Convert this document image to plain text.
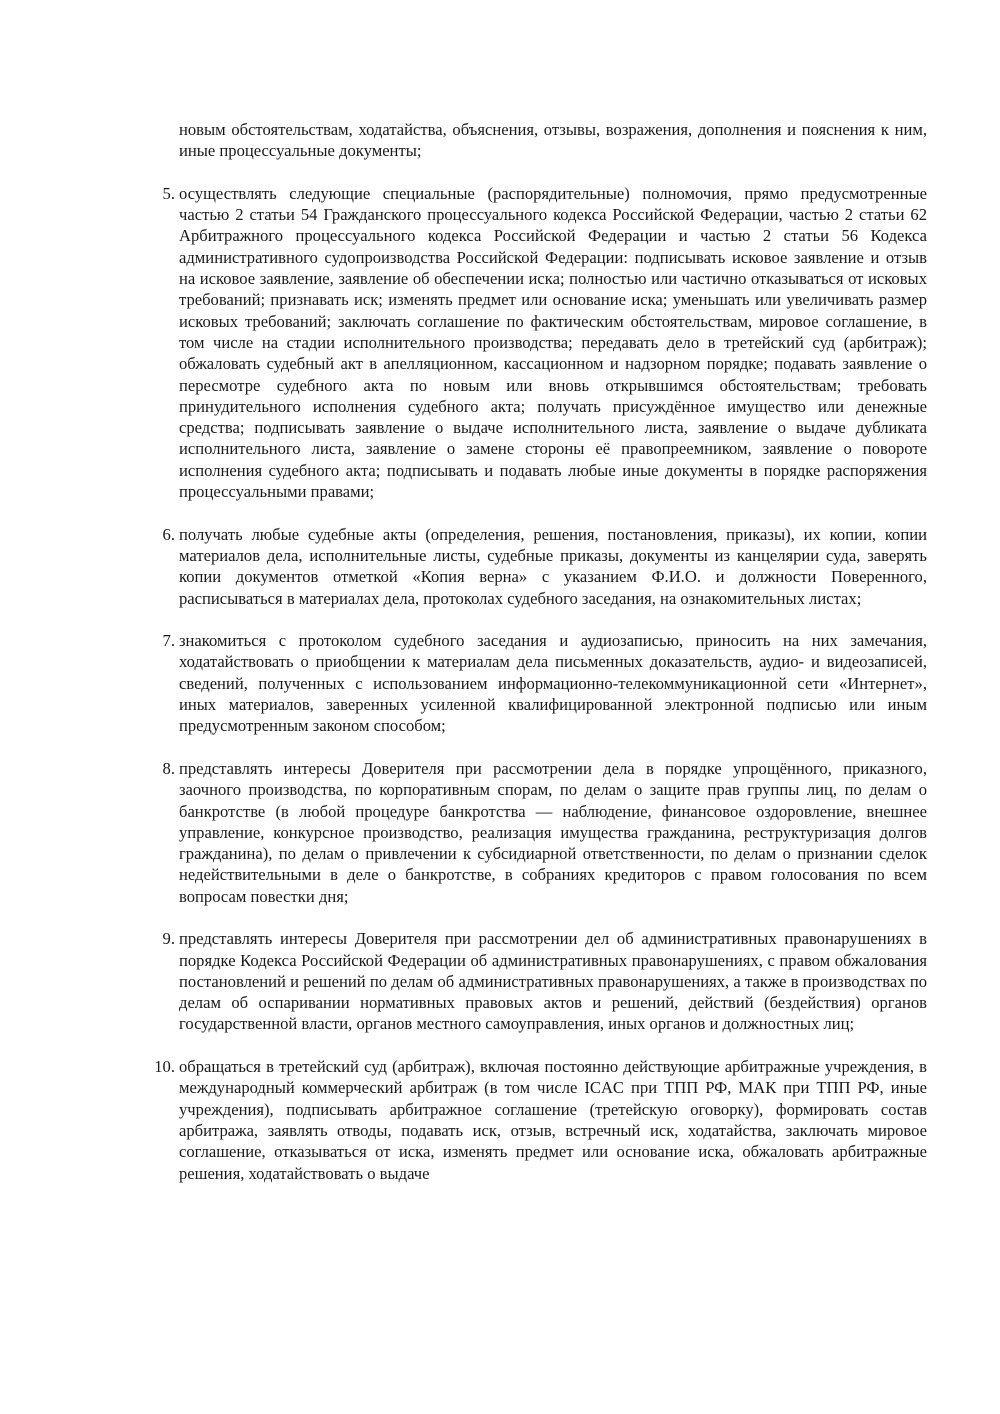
новым обстоятельствам, ходатайства, объяснения, отзывы, возражения, дополнения и пояснения к ним, иные процессуальные документы;

5. осуществлять следующие специальные (распорядительные) полномочия, прямо предусмотренные частью 2 статьи 54 Гражданского процессуального кодекса Российской Федерации, частью 2 статьи 62 Арбитражного процессуального кодекса Российской Федерации и частью 2 статьи 56 Кодекса административного судопроизводства Российской Федерации: подписывать исковое заявление и отзыв на исковое заявление, заявление об обеспечении иска; полностью или частично отказываться от исковых требований; признавать иск; изменять предмет или основание иска; уменьшать или увеличивать размер исковых требований; заключать соглашение по фактическим обстоятельствам, мировое соглашение, в том числе на стадии исполнительного производства; передавать дело в третейский суд (арбитраж); обжаловать судебный акт в апелляционном, кассационном и надзорном порядке; подавать заявление о пересмотре судебного акта по новым или вновь открывшимся обстоятельствам; требовать принудительного исполнения судебного акта; получать присуждённое имущество или денежные средства; подписывать заявление о выдаче исполнительного листа, заявление о выдаче дубликата исполнительного листа, заявление о замене стороны её правопреемником, заявление о повороте исполнения судебного акта; подписывать и подавать любые иные документы в порядке распоряжения процессуальными правами;
6. получать любые судебные акты (определения, решения, постановления, приказы), их копии, копии материалов дела, исполнительные листы, судебные приказы, документы из канцелярии суда, заверять копии документов отметкой «Копия верна» с указанием Ф.И.О. и должности Поверенного, расписываться в материалах дела, протоколах судебного заседания, на ознакомительных листах;
7. знакомиться с протоколом судебного заседания и аудиозаписью, приносить на них замечания, ходатайствовать о приобщении к материалам дела письменных доказательств, аудио- и видеозаписей, сведений, полученных с использованием информационно-телекоммуникационной сети «Интернет», иных материалов, заверенных усиленной квалифицированной электронной подписью или иным предусмотренным законом способом;
8. представлять интересы Доверителя при рассмотрении дела в порядке упрощённого, приказного, заочного производства, по корпоративным спорам, по делам о защите прав группы лиц, по делам о банкротстве (в любой процедуре банкротства — наблюдение, финансовое оздоровление, внешнее управление, конкурсное производство, реализация имущества гражданина, реструктуризация долгов гражданина), по делам о привлечении к субсидиарной ответственности, по делам о признании сделок недействительными в деле о банкротстве, в собраниях кредиторов с правом голосования по всем вопросам повестки дня;
9. представлять интересы Доверителя при рассмотрении дел об административных правонарушениях в порядке Кодекса Российской Федерации об административных правонарушениях, с правом обжалования постановлений и решений по делам об административных правонарушениях, а также в производствах по делам об оспаривании нормативных правовых актов и решений, действий (бездействия) органов государственной власти, органов местного самоуправления, иных органов и должностных лиц;
10. обращаться в третейский суд (арбитраж), включая постоянно действующие арбитражные учреждения, в международный коммерческий арбитраж (в том числе ICAC при ТПП РФ, МАК при ТПП РФ, иные учреждения), подписывать арбитражное соглашение (третейскую оговорку), формировать состав арбитража, заявлять отводы, подавать иск, отзыв, встречный иск, ходатайства, заключать мировое соглашение, отказываться от иска, изменять предмет или основание иска, обжаловать арбитражные решения, ходатайствовать о выдаче
